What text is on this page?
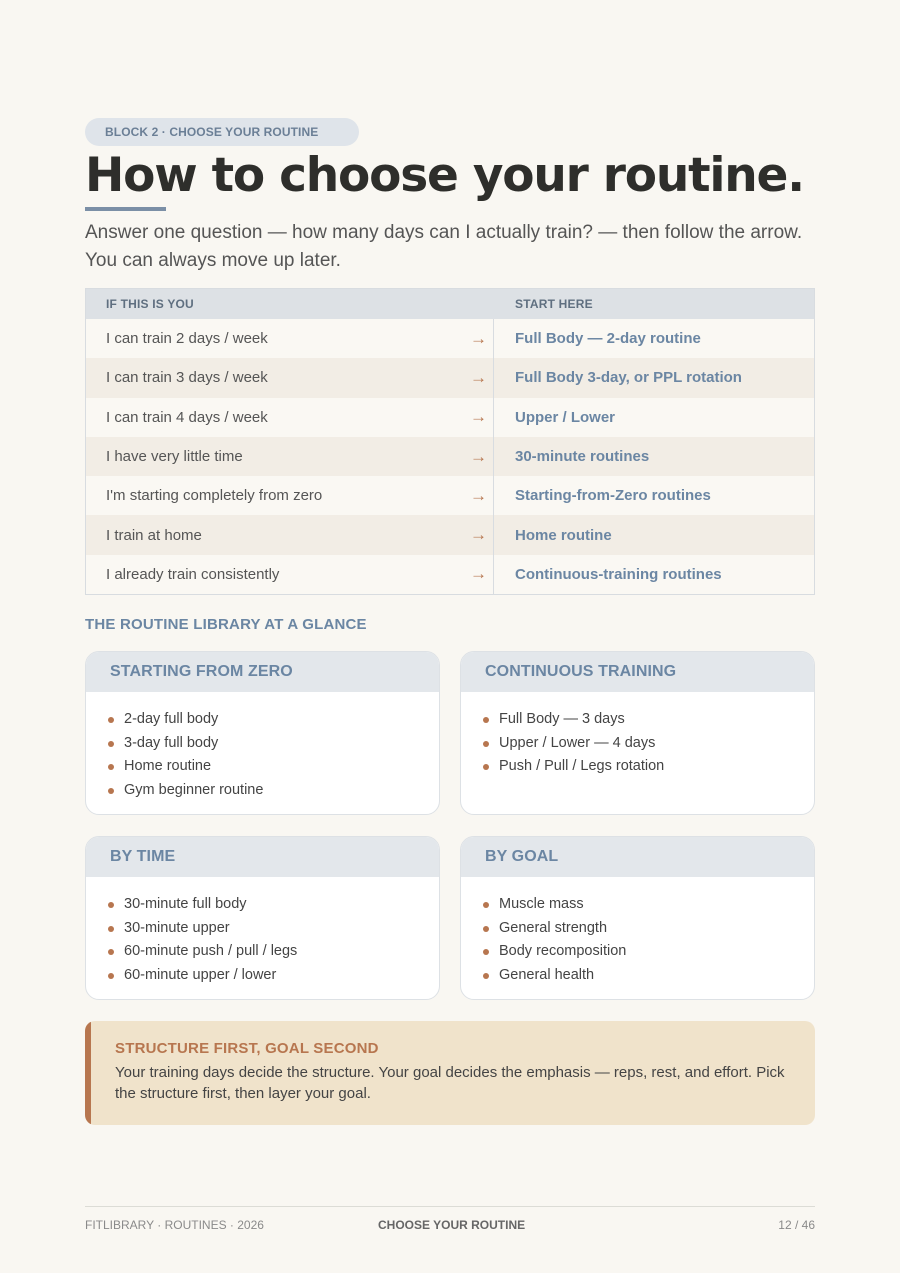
BLOCK 2 · CHOOSE YOUR ROUTINE
How to choose your routine.

Answer one question — how many days can I actually train? — then follow the arrow. You can always move up later.

IF THIS IS YOU	START HERE
I can train 2 days / week	→	Full Body — 2-day routine
I can train 3 days / week	→	Full Body 3-day, or PPL rotation
I can train 4 days / week	→	Upper / Lower
I have very little time	→	30-minute routines
I'm starting completely from zero	→	Starting-from-Zero routines
I train at home	→	Home routine
I already train consistently	→	Continuous-training routines
THE ROUTINE LIBRARY AT A GLANCE
STARTING FROM ZERO
2-day full body
3-day full body
Home routine
Gym beginner routine
CONTINUOUS TRAINING
Full Body — 3 days
Upper / Lower — 4 days
Push / Pull / Legs rotation
BY TIME
30-minute full body
30-minute upper
60-minute push / pull / legs
60-minute upper / lower
BY GOAL
Muscle mass
General strength
Body recomposition
General health
STRUCTURE FIRST, GOAL SECOND

Your training days decide the structure. Your goal decides the emphasis — reps, rest, and effort. Pick the structure first, then layer your goal.

FITLIBRARY · ROUTINES · 2026	CHOOSE YOUR ROUTINE	12 / 46
